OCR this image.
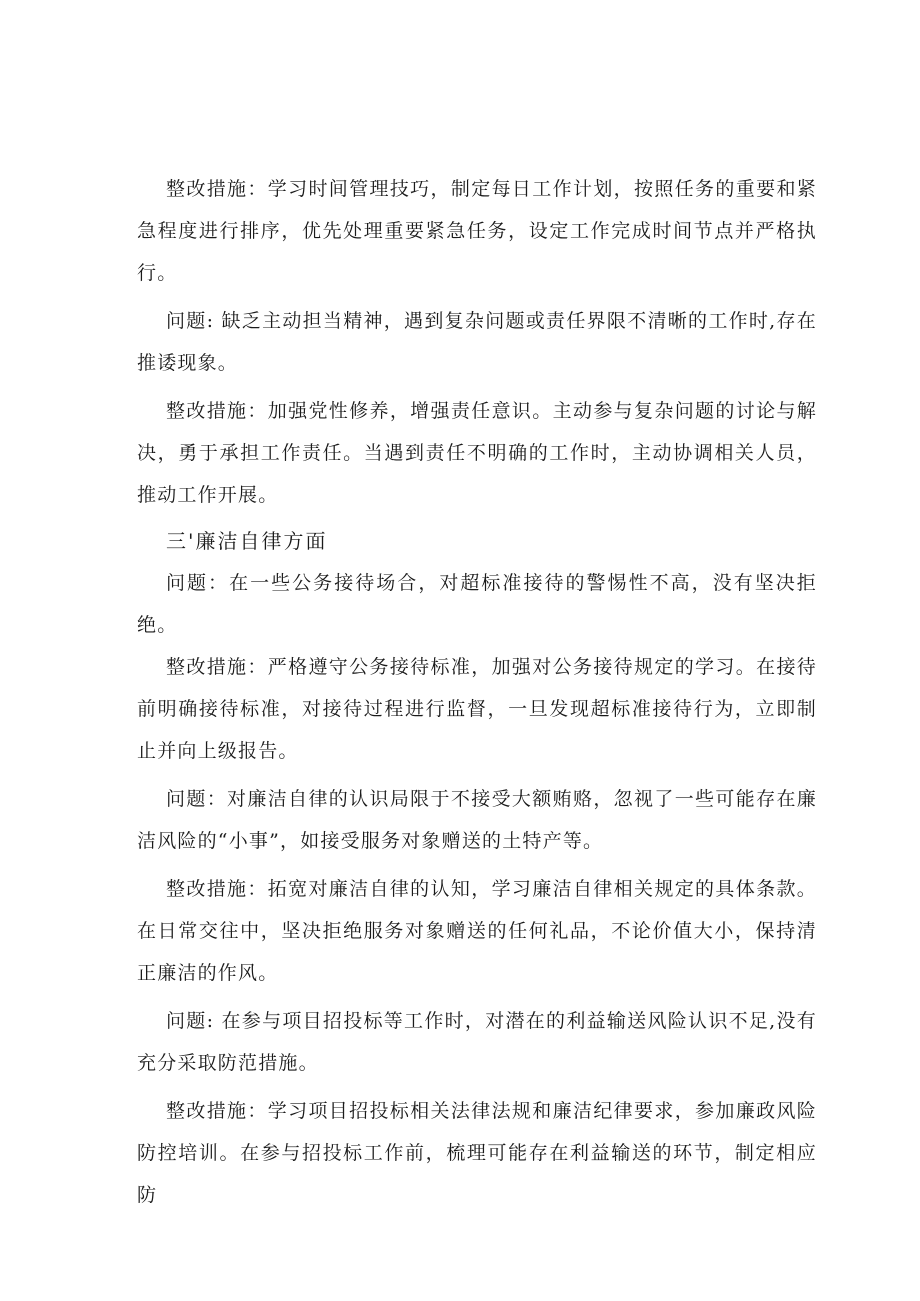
整改措施：学习时间管理技巧，制定每日工作计划，按照任务的重要和紧急程度进行排序，优先处理重要紧急任务，设定工作完成时间节点并严格执行。

问题: 缺乏主动担当精神，遇到复杂问题或责任界限不清晰的工作时,存在推诿现象。

整改措施：加强党性修养，增强责任意识。主动参与复杂问题的讨论与解决，勇于承担工作责任。当遇到责任不明确的工作时，主动协调相关人员，推动工作开展。

三'廉洁自律方面

问题：在一些公务接待场合，对超标准接待的警惕性不高，没有坚决拒绝。

整改措施：严格遵守公务接待标准，加强对公务接待规定的学习。在接待前明确接待标准，对接待过程进行监督，一旦发现超标准接待行为，立即制止并向上级报告。

问题：对廉洁自律的认识局限于不接受大额贿赂，忽视了一些可能存在廉洁风险的“小事”，如接受服务对象赠送的土特产等。

整改措施：拓宽对廉洁自律的认知，学习廉洁自律相关规定的具体条款。在日常交往中，坚决拒绝服务对象赠送的任何礼品，不论价值大小，保持清正廉洁的作风。

问题: 在参与项目招投标等工作时，对潜在的利益输送风险认识不足,没有充分采取防范措施。

整改措施：学习项目招投标相关法律法规和廉洁纪律要求，参加廉政风险防控培训。在参与招投标工作前，梳理可能存在利益输送的环节，制定相应防
